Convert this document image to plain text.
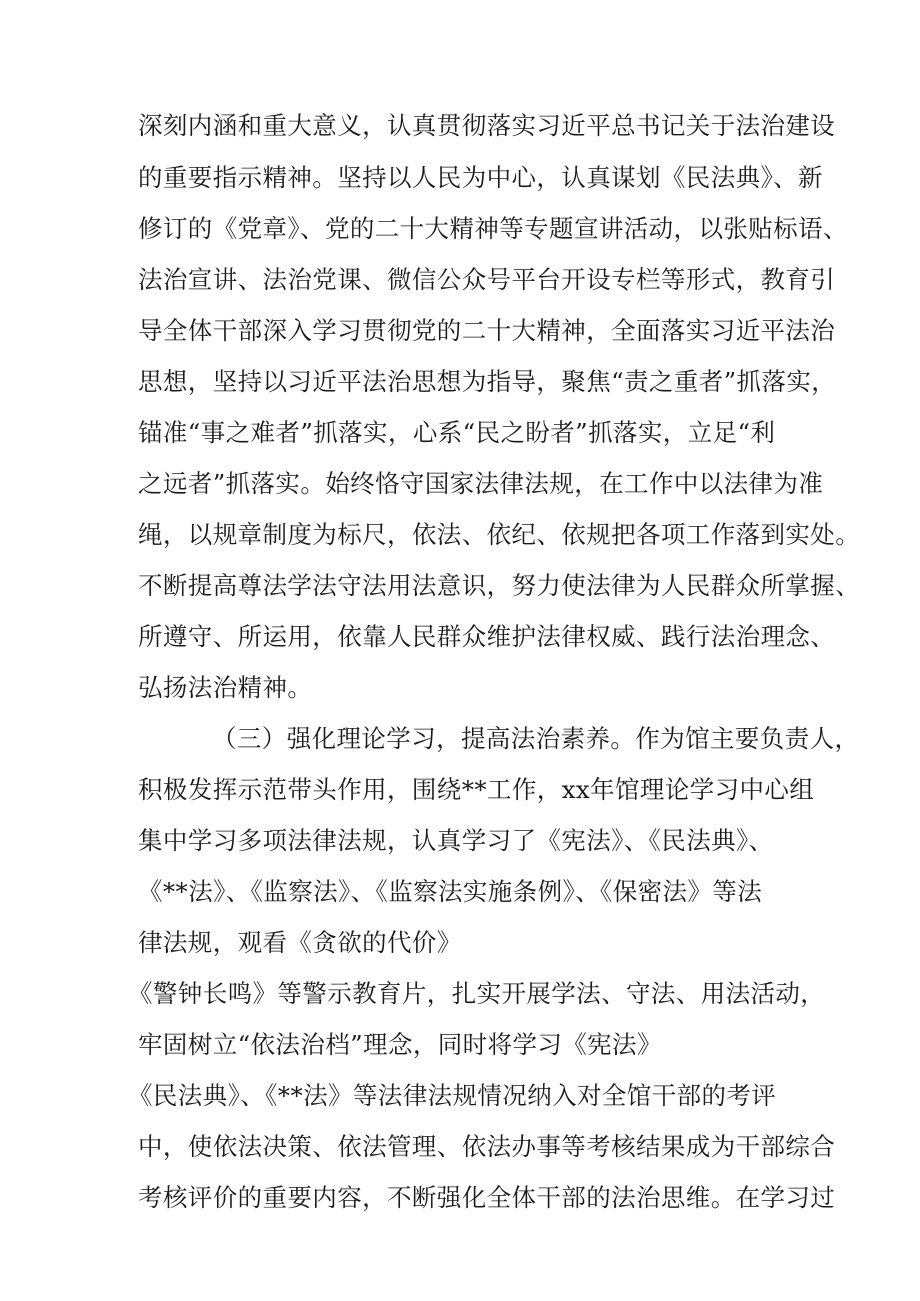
深刻内涵和重大意义，认真贯彻落实习近平总书记关于法治建设
的重要指示精神。坚持以人民为中心，认真谋划《民法典》、新
修订的《党章》、党的二十大精神等专题宣讲活动，以张贴标语、
法治宣讲、法治党课、微信公众号平台开设专栏等形式，教育引
导全体干部深入学习贯彻党的二十大精神，全面落实习近平法治
思想，坚持以习近平法治思想为指导，聚焦“责之重者”抓落实，
锚准“事之难者”抓落实，心系“民之盼者”抓落实，立足“利
之远者”抓落实。始终恪守国家法律法规，在工作中以法律为准
绳，以规章制度为标尺，依法、依纪、依规把各项工作落到实处。
不断提高尊法学法守法用法意识，努力使法律为人民群众所掌握、
所遵守、所运用，依靠人民群众维护法律权威、践行法治理念、
弘扬法治精神。
（三）强化理论学习，提高法治素养。作为馆主要负责人，
积极发挥示范带头作用，围绕**工作，xx年馆理论学习中心组
集中学习多项法律法规，认真学习了《宪法》、《民法典》、
《**法》、《监察法》、《监察法实施条例》、《保密法》等法
律法规，观看《贪欲的代价》
《警钟长鸣》等警示教育片，扎实开展学法、守法、用法活动，
牢固树立“依法治档”理念，同时将学习《宪法》
《民法典》、《**法》等法律法规情况纳入对全馆干部的考评
中，使依法决策、依法管理、依法办事等考核结果成为干部综合
考核评价的重要内容，不断强化全体干部的法治思维。在学习过
